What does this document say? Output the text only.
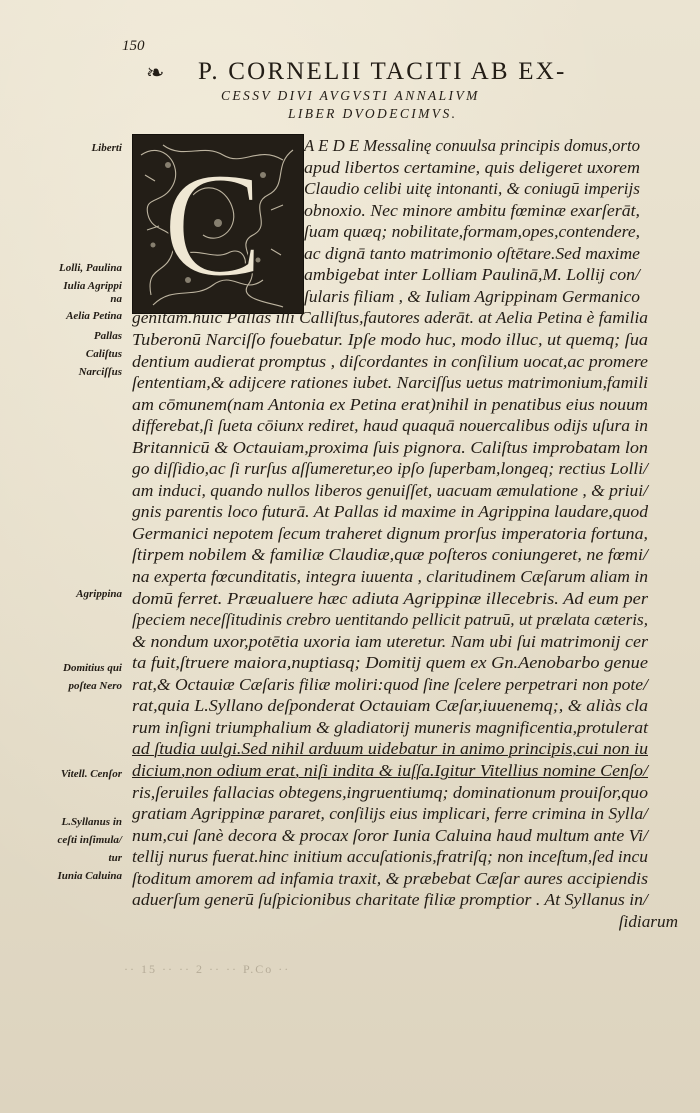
150
❧ P. CORNELII TACITI AB EX-
CESSV DIVI AVGVSTI ANNALIVM
LIBER DVODECIMVS.
C A E D E Messalinę conuulsa principis domus,orto
apud libertos certamine, quis deligeret uxorem
Claudio celibi uitę intonanti, & coniugū imperijs
obnoxio. Nec minore ambitu fœminæ exarſerāt,
ſuam quæq; nobilitate,formam,opes,contendere,
ac dignā tanto matrimonio oſtētare.Sed maxime
ambigebat inter Lolliam Paulinā,M. Lollij con/
ſularis filiam , & Iuliam Agrippinam Germanico
genitam.huic Pallas illi Calliſtus,fautores aderāt. at Aelia Petina è familia
Tuberonū Narciſſo fouebatur. Ipſe modo huc, modo illuc, ut quemq; ſua
dentium audierat promptus , diſcordantes in conſilium uocat,ac promere
ſententiam,& adijcere rationes iubet. Narciſſus uetus matrimonium,famili
am cōmunem(nam Antonia ex Petina erat)nihil in penatibus eius nouum
differebat,ſi ſueta cōiunx rediret, haud quaquā nouercalibus odijs uſura in
Britannicū & Octauiam,proxima ſuis pignora. Caliſtus improbatam lon
go diſſidio,ac ſi rurſus aſſumeretur,eo ipſo ſuperbam,longeq; rectius Lolli/
am induci, quando nullos liberos genuiſſet, uacuam æmulatione , & priui/
gnis parentis loco futurā. At Pallas id maxime in Agrippina laudare,quod
Germanici nepotem ſecum traheret dignum prorſus imperatoria fortuna,
ſtirpem nobilem & familiæ Claudiæ,quæ poſteros coniungeret, ne fœmi/
na experta fœcunditatis, integra iuuenta , claritudinem Cæſarum aliam in
domū ferret. Præualuere hæc adiuta Agrippinæ illecebris. Ad eum per
ſpeciem neceſſitudinis crebro uentitando pellicit patruū, ut prælata cæteris,
& nondum uxor,potētia uxoria iam uteretur. Nam ubi ſui matrimonij cer
ta fuit,ſtruere maiora,nuptiasq; Domitij quem ex Gn.Aenobarbo genue
rat,& Octauiæ Cæſaris filiæ moliri:quod ſine ſcelere perpetrari non pote/
rat,quia L.Syllano deſponderat Octauiam Cæſar,iuuenemq;, & aliàs cla
rum inſigni triumphalium & gladiatorij muneris magnificentia,protulerat
ad ſtudia uulgi.Sed nihil arduum uidebatur in animo principis,cui non iu
dicium,non odium erat, niſi indita & iuſſa.Igitur Vitellius nomine Cenſo/
ris,ſeruiles fallacias obtegens,ingruentiumq; dominationum prouiſor,quo
gratiam Agrippinæ pararet, conſilijs eius implicari, ferre crimina in Sylla/
num,cui ſanè decora & procax ſoror Iunia Caluina haud multum ante Vi/
tellij nurus fuerat.hinc initium accuſationis,fratriſq; non inceſtum,ſed incu
ſtoditum amorem ad infamia traxit, & præbebat Cæſar aures accipiendis
aduerſum generū ſuſpicionibus charitate filiæ promptior . At Syllanus in/
ſidiarum
Liberti
Lolli, Paulina
Iulia Agrippi
na
Aelia Petina
Pallas
Caliſtus
Narciſſus
Agrippina
Domitius qui
poſtea Nero
Vitell. Cenſor
L.Syllanus in
ceſti inſimula/
tur
Iunia Caluina
·· 15 ·· ·· 2 ·· ·· P.Co ··
